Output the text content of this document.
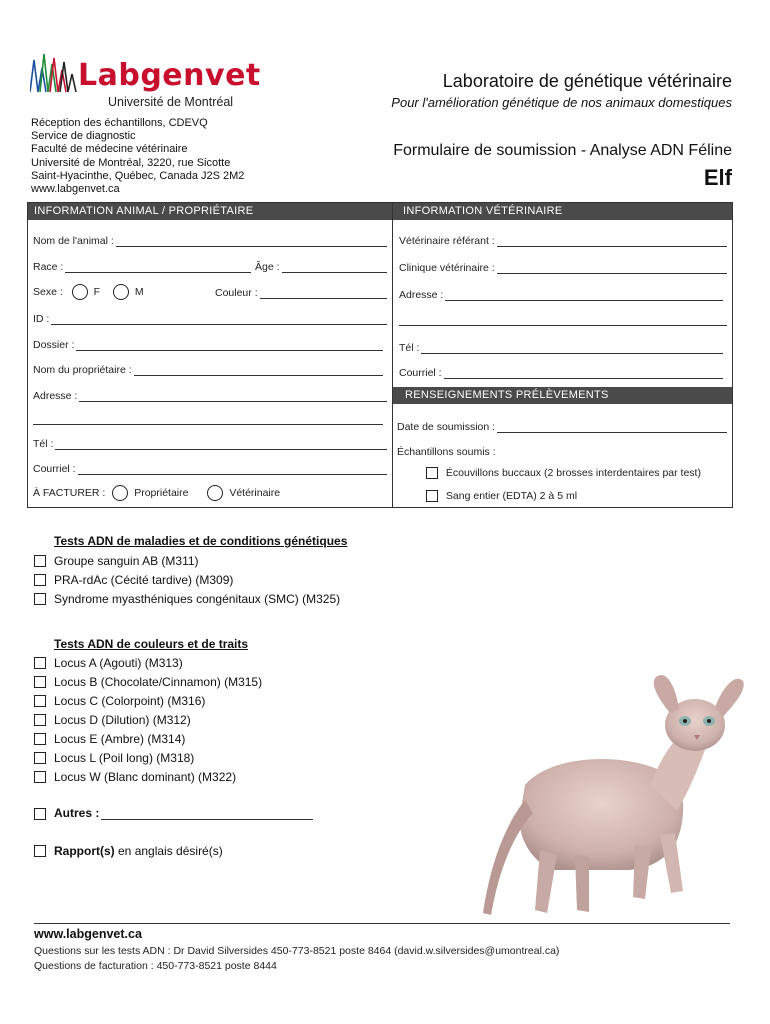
Labgenvet
Université de Montréal
Réception des échantillons, CDEVQ
Service de diagnostic
Faculté de médecine vétérinaire
Université de Montréal, 3220, rue Sicotte
Saint-Hyacinthe, Québec, Canada J2S 2M2
www.labgenvet.ca
Laboratoire de génétique vétérinaire
Pour l'amélioration génétique de nos animaux domestiques
Formulaire de soumission - Analyse ADN Féline
Elf
INFORMATION ANIMAL / PROPRIÉTAIRE	INFORMATION VÉTÉRINAIRE
Nom de l'animal :
Race :	Âge :
Sexe :	F	M	Couleur :
ID :
Dossier :
Nom du propriétaire :
Adresse :
Tél :
Courriel :
À FACTURER :	Propriétaire	Vétérinaire
Vétérinaire référant :
Clinique vétérinaire :
Adresse :
Tél :
Courriel :
RENSEIGNEMENTS PRÉLÈVEMENTS
Date de soumission :
Échantillons soumis :
Écouvillons buccaux (2 brosses interdentaires par test)
Sang entier (EDTA) 2 à 5 ml
Tests ADN de maladies et de conditions génétiques
Groupe sanguin AB (M311)
PRA-rdAc (Cécité tardive) (M309)
Syndrome myasthéniques congénitaux (SMC) (M325)
Tests ADN de couleurs et de traits
Locus A (Agouti) (M313)
Locus B (Chocolate/Cinnamon) (M315)
Locus C (Colorpoint) (M316)
Locus D (Dilution) (M312)
Locus E (Ambre) (M314)
Locus L (Poil long) (M318)
Locus W (Blanc dominant) (M322)
Autres :
Rapport(s) en anglais désiré(s)
www.labgenvet.ca
Questions sur les tests ADN : Dr David Silversides 450-773-8521 poste 8464 (david.w.silversides@umontreal.ca)
Questions de facturation : 450-773-8521 poste 8444
